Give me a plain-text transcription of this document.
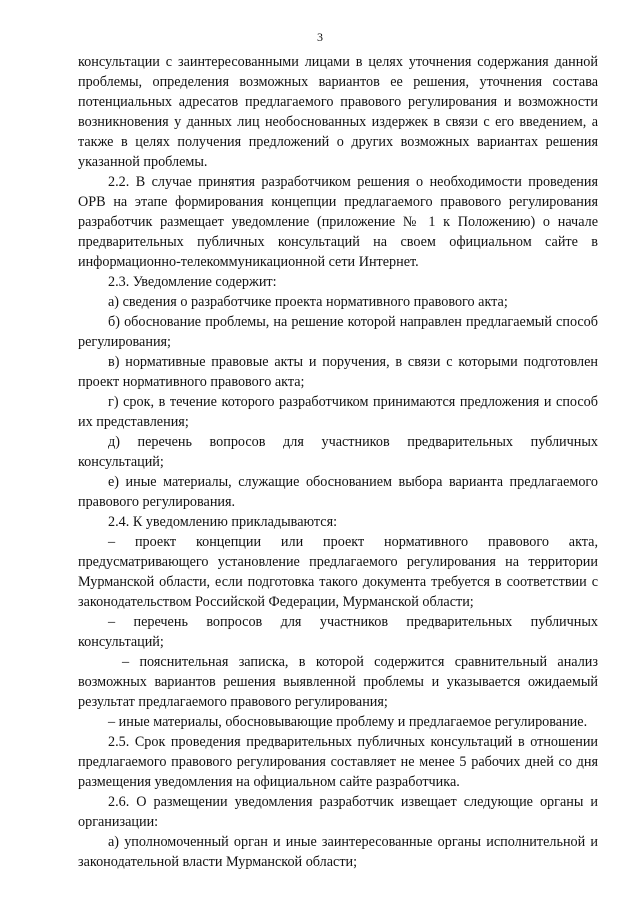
3

консультации с заинтересованными лицами в целях уточнения содержания данной проблемы, определения возможных вариантов ее решения, уточнения состава потенциальных адресатов предлагаемого правового регулирования и возможности возникновения у данных лиц необоснованных издержек в связи с его введением, а также в целях получения предложений о других возможных вариантах решения указанной проблемы.

2.2. В случае принятия разработчиком решения о необходимости проведения ОРВ на этапе формирования концепции предлагаемого правового регулирования разработчик размещает уведомление (приложение № 1 к Положению) о начале предварительных публичных консультаций на своем официальном сайте в информационно-телекоммуникационной сети Интернет.

2.3. Уведомление содержит:

а) сведения о разработчике проекта нормативного правового акта;

б) обоснование проблемы, на решение которой направлен предлагаемый способ регулирования;

в) нормативные правовые акты и поручения, в связи с которыми подготовлен проект нормативного правового акта;

г) срок, в течение которого разработчиком принимаются предложения и способ их представления;

д) перечень вопросов для участников предварительных публичных консультаций;

е) иные материалы, служащие обоснованием выбора варианта предлагаемого правового регулирования.

2.4. К уведомлению прикладываются:

– проект концепции или проект нормативного правового акта, предусматривающего установление предлагаемого регулирования на территории Мурманской области, если подготовка такого документа требуется в соответствии с законодательством Российской Федерации, Мурманской области;

– перечень вопросов для участников предварительных публичных консультаций;

– пояснительная записка, в которой содержится сравнительный анализ возможных вариантов решения выявленной проблемы и указывается ожидаемый результат предлагаемого правового регулирования;

– иные материалы, обосновывающие проблему и предлагаемое регулирование.

2.5. Срок проведения предварительных публичных консультаций в отношении предлагаемого правового регулирования составляет не менее 5 рабочих дней со дня размещения уведомления на официальном сайте разработчика.

2.6. О размещении уведомления разработчик извещает следующие органы и организации:

а) уполномоченный орган и иные заинтересованные органы исполнительной и законодательной власти Мурманской области;
